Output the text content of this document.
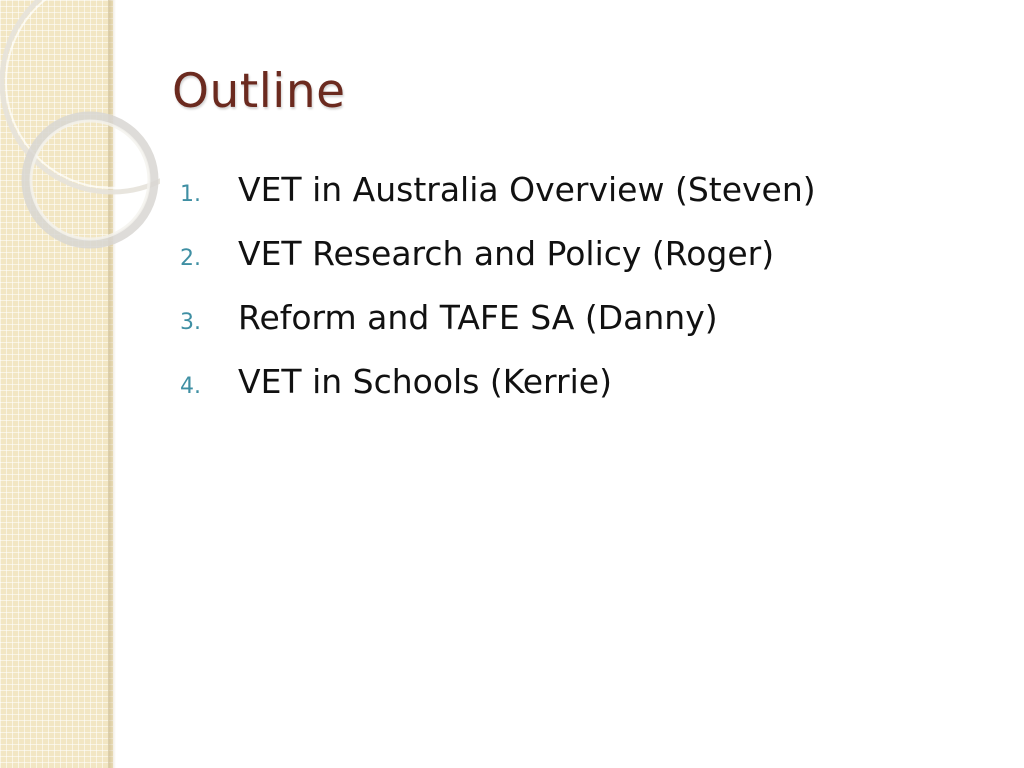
Outline
1.	VET in Australia Overview (Steven)
2.	VET Research and Policy (Roger)
3.	Reform and TAFE SA (Danny)
4.	VET in Schools (Kerrie)
